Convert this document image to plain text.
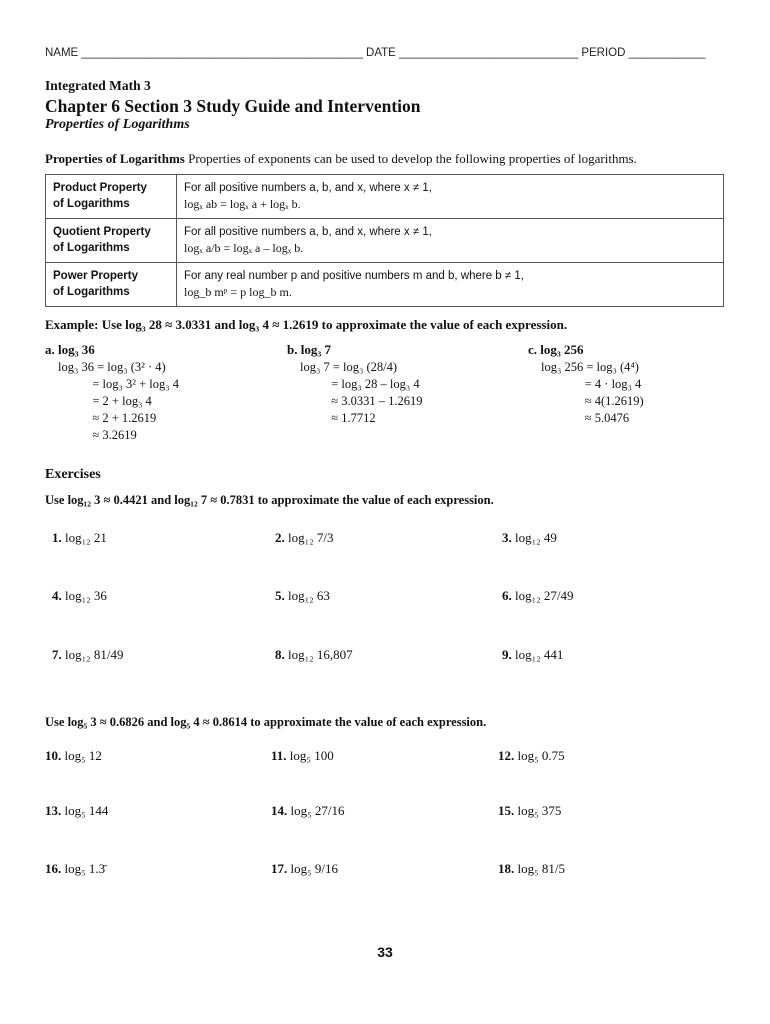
NAME ____________________________________________ DATE ____________________________ PERIOD ____________
Integrated Math 3
Chapter 6 Section 3 Study Guide and Intervention
Properties of Logarithms
Properties of Logarithms Properties of exponents can be used to develop the following properties of logarithms.
Product Property
of Logarithms	For all positive numbers a, b, and x, where x ≠ 1,
logₓ ab = logₓ a + logₓ b.
Quotient Property
of Logarithms	For all positive numbers a, b, and x, where x ≠ 1,
logₓ a/b = logₓ a – logₓ b.
Power Property
of Logarithms	For any real number p and positive numbers m and b, where b ≠ 1,
log_b mᵖ = p log_b m.
Example: Use log₃ 28 ≈ 3.0331 and log₃ 4 ≈ 1.2619 to approximate the value of each expression.
a. log₃ 36
log₃ 36 = log₃ (3² · 4)
= log₃ 3² + log₃ 4
= 2 + log₃ 4
≈ 2 + 1.2619
≈ 3.2619
b. log₃ 7
log₃ 7 = log₃ (28/4)
= log₃ 28 – log₃ 4
≈ 3.0331 – 1.2619
≈ 1.7712
c. log₃ 256
log₃ 256 = log₃ (4⁴)
= 4 · log₃ 4
≈ 4(1.2619)
≈ 5.0476
Exercises
Use log₁₂ 3 ≈ 0.4421 and log₁₂ 7 ≈ 0.7831 to approximate the value of each expression.
1. log₁₂ 21	2. log₁₂ 7/3	3. log₁₂ 49
4. log₁₂ 36	5. log₁₂ 63	6. log₁₂ 27/49
7. log₁₂ 81/49	8. log₁₂ 16,807	9. log₁₂ 441
Use log₅ 3 ≈ 0.6826 and log₅ 4 ≈ 0.8614 to approximate the value of each expression.
10. log₅ 12	11. log₅ 100	12. log₅ 0.75
13. log₅ 144	14. log₅ 27/16	15. log₅ 375
16. log₅ 1.3̄	17. log₅ 9/16	18. log₅ 81/5
33
